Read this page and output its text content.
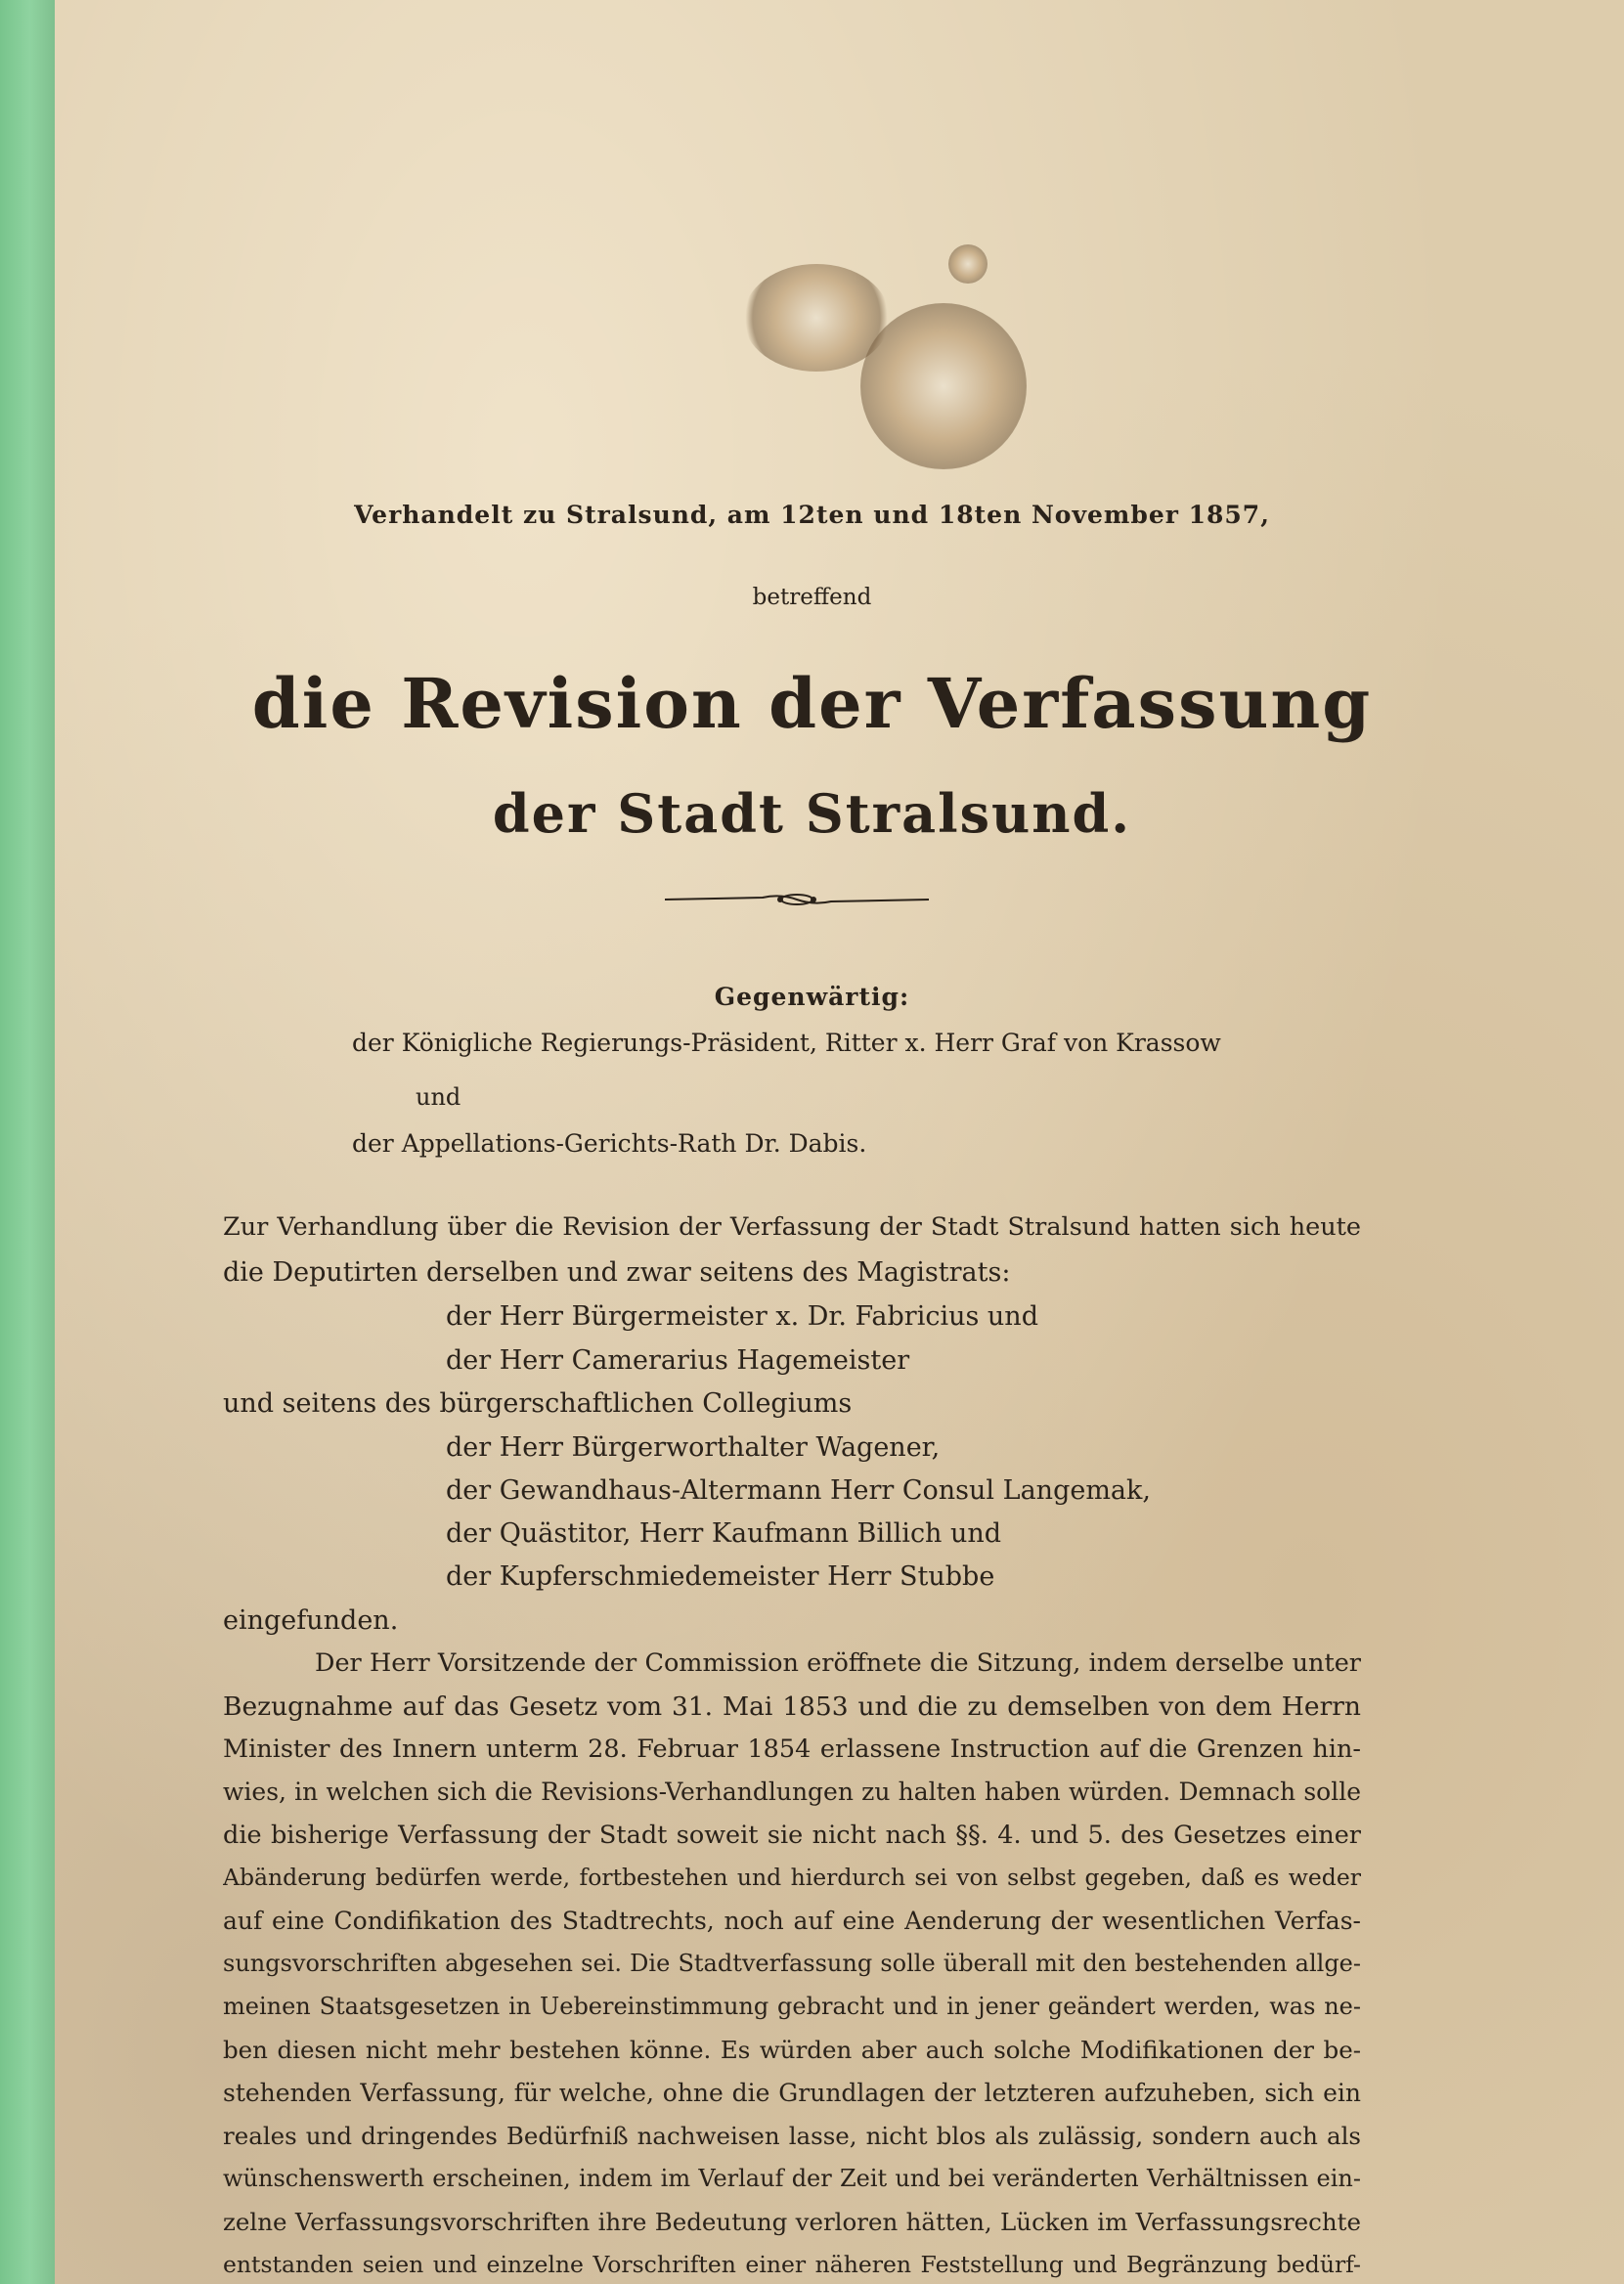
Verhandelt zu Stralsund, am 12ten und 18ten November 1857,
betreffend
die Revision der Verfassung
der Stadt Stralsund.
Gegenwärtig:
der Königliche Regierungs-Präsident, Ritter x. Herr Graf von Krassow
und
der Appellations-Gerichts-Rath Dr. Dabis.
Zur Verhandlung über die Revision der Verfassung der Stadt Stralsund hatten sich heute
die Deputirten derselben und zwar seitens des Magistrats:
der Herr Bürgermeister x. Dr. Fabricius und
der Herr Camerarius Hagemeister
und seitens des bürgerschaftlichen Collegiums
der Herr Bürgerworthalter Wagener,
der Gewandhaus-Altermann Herr Consul Langemak,
der Quästitor, Herr Kaufmann Billich und
der Kupferschmiedemeister Herr Stubbe
eingefunden.
Der Herr Vorsitzende der Commission eröffnete die Sitzung, indem derselbe unter
Bezugnahme auf das Gesetz vom 31. Mai 1853 und die zu demselben von dem Herrn
Minister des Innern unterm 28. Februar 1854 erlassene Instruction auf die Grenzen hin-
wies, in welchen sich die Revisions-Verhandlungen zu halten haben würden. Demnach solle
die bisherige Verfassung der Stadt soweit sie nicht nach §§. 4. und 5. des Gesetzes einer
Abänderung bedürfen werde, fortbestehen und hierdurch sei von selbst gegeben, daß es weder
auf eine Condifikation des Stadtrechts, noch auf eine Aenderung der wesentlichen Verfas-
sungsvorschriften abgesehen sei. Die Stadtverfassung solle überall mit den bestehenden allge-
meinen Staatsgesetzen in Uebereinstimmung gebracht und in jener geändert werden, was ne-
ben diesen nicht mehr bestehen könne. Es würden aber auch solche Modifikationen der be-
stehenden Verfassung, für welche, ohne die Grundlagen der letzteren aufzuheben, sich ein
reales und dringendes Bedürfniß nachweisen lasse, nicht blos als zulässig, sondern auch als
wünschenswerth erscheinen, indem im Verlauf der Zeit und bei veränderten Verhältnissen ein-
zelne Verfassungsvorschriften ihre Bedeutung verloren hätten, Lücken im Verfassungsrechte
entstanden seien und einzelne Vorschriften einer näheren Feststellung und Begränzung bedürf-
